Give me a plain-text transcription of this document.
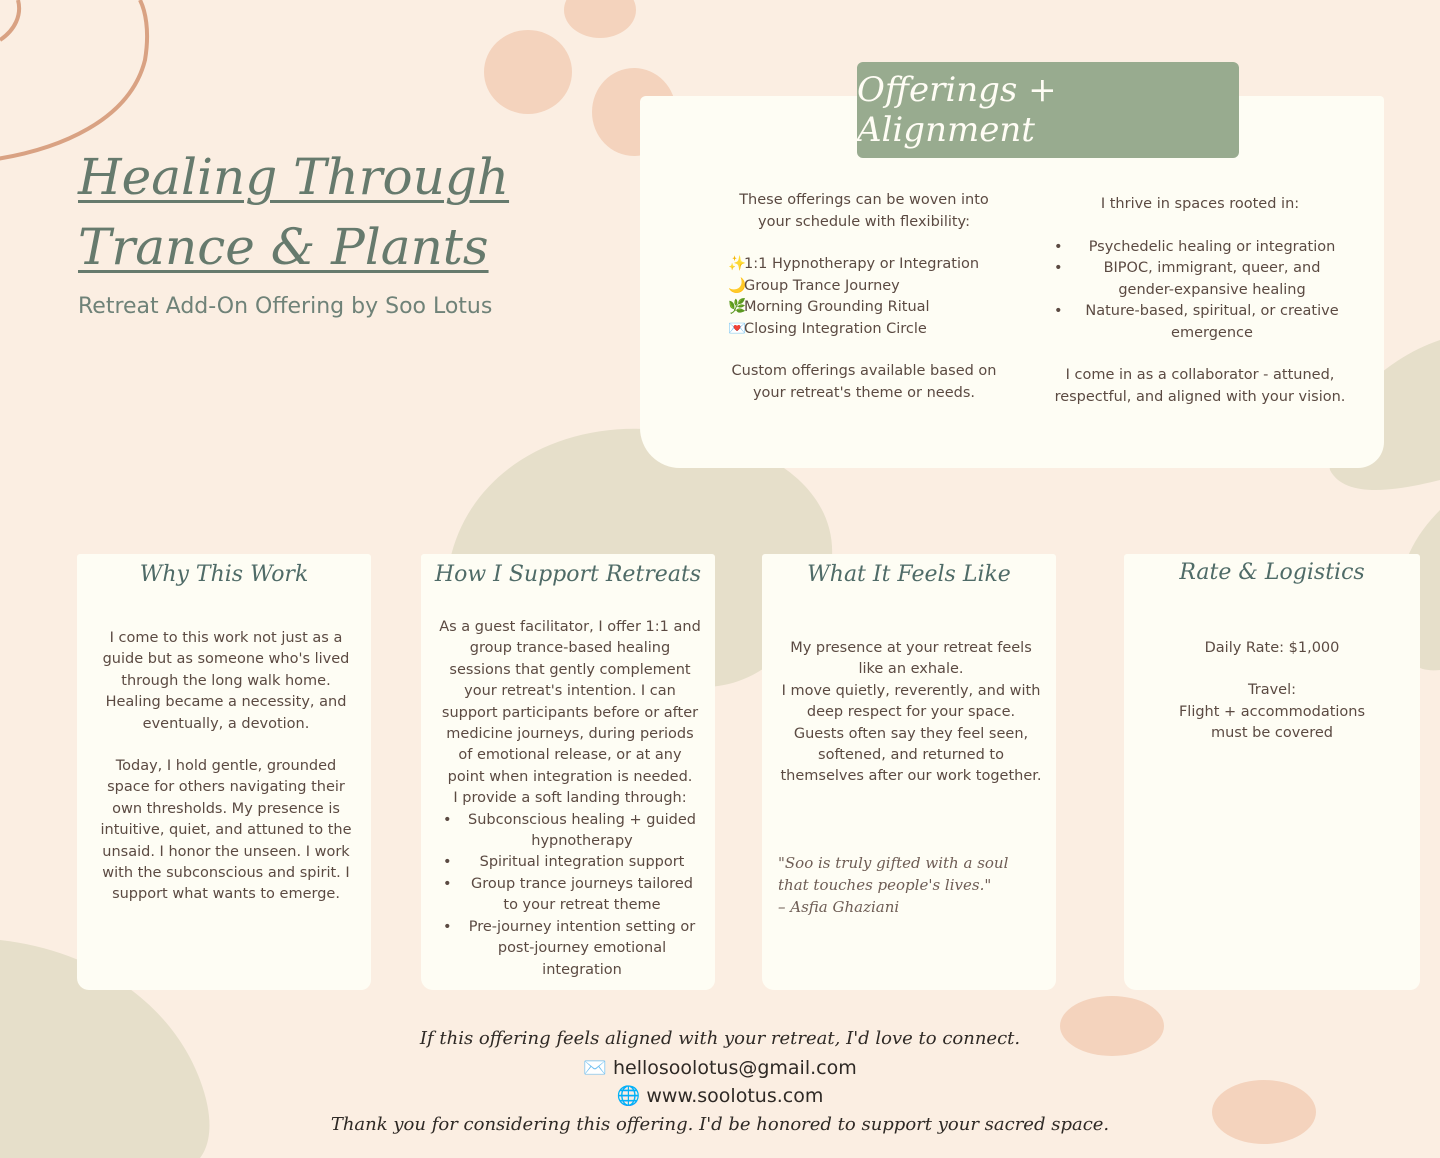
Healing Through
Trance & Plants

Retreat Add-On Offering by Soo Lotus

Offerings + Alignment

These offerings can be woven into your schedule with flexibility:

✨1:1 Hypnotherapy or Integration
🌙Group Trance Journey
🌿Morning Grounding Ritual
💌Closing Integration Circle

Custom offerings available based on your retreat's theme or needs.

I thrive in spaces rooted in:

• Psychedelic healing or integration
• BIPOC, immigrant, queer, and gender-expansive healing
• Nature-based, spiritual, or creative emergence

I come in as a collaborator - attuned, respectful, and aligned with your vision.

Why This Work

I come to this work not just as a guide but as someone who's lived through the long walk home. Healing became a necessity, and eventually, a devotion.

Today, I hold gentle, grounded space for others navigating their own thresholds. My presence is intuitive, quiet, and attuned to the unsaid. I honor the unseen. I work with the subconscious and spirit. I support what wants to emerge.

How I Support Retreats

As a guest facilitator, I offer 1:1 and group trance-based healing sessions that gently complement your retreat's intention. I can support participants before or after medicine journeys, during periods of emotional release, or at any point when integration is needed.

I provide a soft landing through:

• Subconscious healing + guided hypnotherapy
• Spiritual integration support
• Group trance journeys tailored to your retreat theme
• Pre-journey intention setting or post-journey emotional integration
What It Feels Like

My presence at your retreat feels like an exhale.

I move quietly, reverently, and with deep respect for your space.

Guests often say they feel seen, softened, and returned to themselves after our work together.

"Soo is truly gifted with a soul that touches people's lives."
– Asfia Ghaziani
Rate & Logistics

Daily Rate: $1,000

Travel:

Flight + accommodations must be covered

If this offering feels aligned with your retreat, I'd love to connect.
✉️ hellosoolotus@gmail.com
🌐 www.soolotus.com
Thank you for considering this offering. I'd be honored to support your sacred space.
